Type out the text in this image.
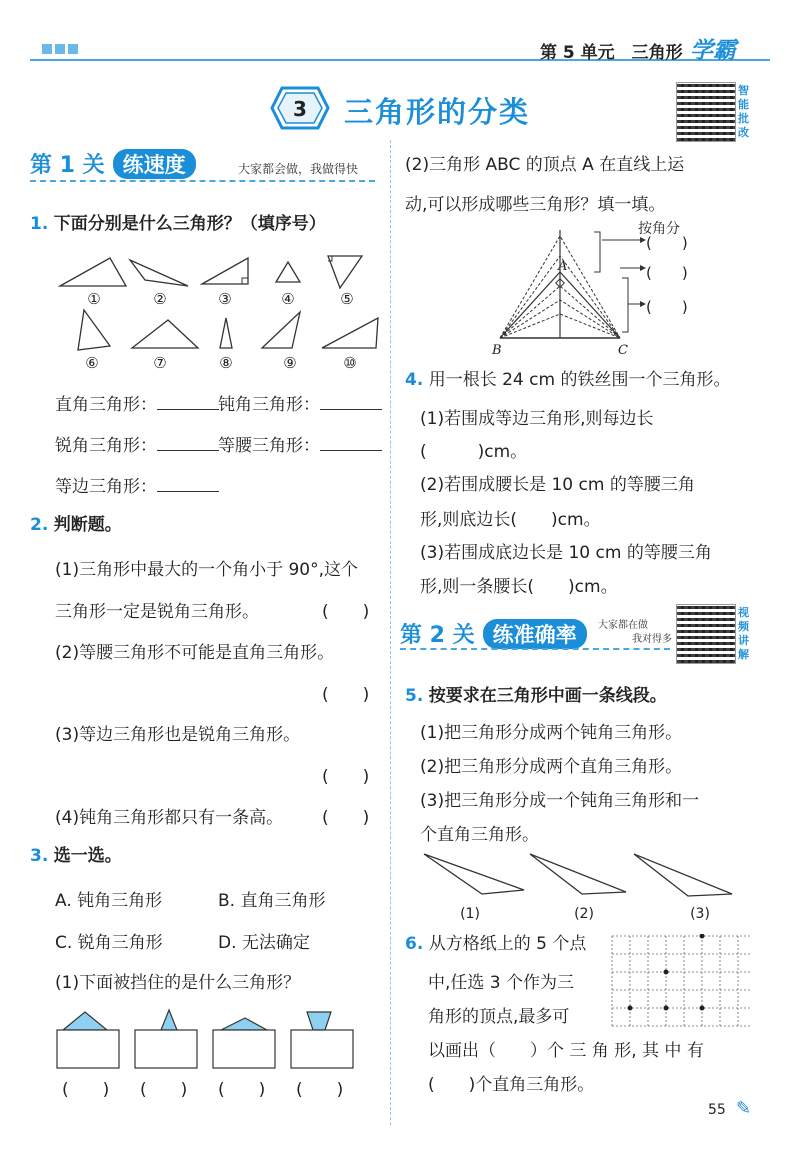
第 5 单元　三角形 学霸
3 三角形的分类
智
能
批
改
第 1 关 练速度	大家都会做，我做得快
1. 下面分别是什么三角形？（填序号）
①	②	③	④	⑤
⑥	⑦	⑧	⑨	⑩
直角三角形：	钝角三角形：
锐角三角形：	等腰三角形：
等边三角形：
2. 判断题。
(1)三角形中最大的一个角小于 90°,这个
三角形一定是锐角三角形。	(　　)
(2)等腰三角形不可能是直角三角形。
(　　)
(3)等边三角形也是锐角三角形。
(　　)
(4)钝角三角形都只有一条高。 (　　)
3. 选一选。
A. 钝角三角形	B. 直角三角形
C. 锐角三角形	D. 无法确定
(1)下面被挡住的是什么三角形？
(　　) (　　) (　　) (　　)
(2)三角形 ABC 的顶点 A 在直线上运
动,可以形成哪些三角形？填一填。
按角分
A
B	C
(　　)
(　　)
(　　)
4. 用一根长 24 cm 的铁丝围一个三角形。
(1)若围成等边三角形,则每边长
(　　　)cm。
(2)若围成腰长是 10 cm 的等腰三角
形,则底边长(　　)cm。
(3)若围成底边长是 10 cm 的等腰三角
形,则一条腰长(　　)cm。
第 2 关 练准确率	大家都在做
我对得多
视
频
讲
解
5. 按要求在三角形中画一条线段。
(1)把三角形分成两个钝角三角形。
(2)把三角形分成两个直角三角形。
(3)把三角形分成一个钝角三角形和一
个直角三角形。
(1)	(2)	(3)
6. 从方格纸上的 5 个点
中,任选 3 个作为三
角形的顶点,最多可
以画出（　　）个 三 角 形, 其 中 有
(　　)个直角三角形。
55 ✎
